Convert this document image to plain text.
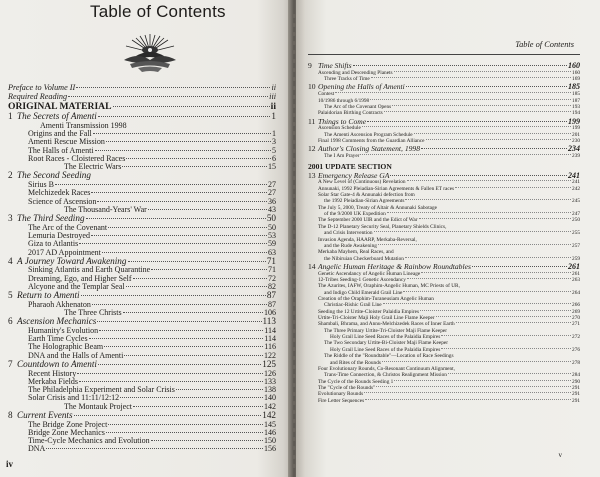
Table of Contents
Preface to Volume II	ii
Required Reading	iii
ORIGINAL MATERIAL	ii
1 The Secrets of Amenti	1
Amenti Transmission 1998
Origins and the Fall	1
Amenti Rescue Mission	3
The Halls of Amenti	5
Root Races - Cloistered Races	6
The Electric Wars	15
2 The Second Seeding
Sirius B	27
Melchizedek Races	27
Science of Ascension	36
The Thousand-Years' War	43
3 The Third Seeding	50
The Arc of the Covenant	50
Lemuria Destroyed	53
Giza to Atlantis	59
2017 AD Appointment	63
4 A Journey Toward Awakening	71
Sinking Atlantis and Earth Quarantine	71
Dreaming, Ego, and Higher Self	72
Alcyone and the Templar Seal	82
5 Return to Amenti	87
Pharaoh Akhenaton	87
The Three Christs	106
6 Ascension Mechanics	113
Humanity's Evolution	114
Earth Time Cycles	114
The Holographic Beam	116
DNA and the Halls of Amenti	122
7 Countdown to Amenti	125
Recent History	126
Merkaba Fields	133
The Philadelphia Experiment and Solar Crisis	138
Solar Crisis and 11:11/12:12	140
The Montauk Project	142
8 Current Events	142
The Bridge Zone Project	145
Bridge Zone Mechanics	146
Time-Cycle Mechanics and Evolution	150
DNA	156
iv
Table of Contents
9 Time Shifts	160
Ascending and Descending Planets	160
Three Tracks of Time	169
10 Opening the Halls of Amenti	185
Contest	185
10/1986 through 6/1998	187
The Arc of the Covenant Opens	193
Palaidorian Birthing Contracts	194
11 Things to Come	199
Ascension Schedule	199
The Amenti Ascension Program Schedule	201
Final 1998 Comments from the Guardian Alliance	230
12 Author's Closing Statement, 1998	234
The I Am Prayer	239
2001 UPDATE SECTION
13 Emergency Release GA	241
A New Level of (Continuous) Revelation	241
Annunaki, 1992 Pleiadian-Sirian Agreements & Fallen ET races	242
Solar Star Gate-4 & Annunaki defection from
the 1992 Pleiadian-Sirian Agreements	245
The July 5, 2000, Treaty of Altair & Annunaki Sabotage
of the 9/2000 UK Expedition	247
The September 2000 UIR and the Edict of War	250
The D-12 Planetary Security Seal, Planetary Shields Clinics,
and Crisis Intervention	255
Invasion Agenda, HAARP, Merkaba-Reversal,
and the Rude Awakening	257
Merkaba Mayhem, Real Races, and
the Nibiruian Checkerboard Mutation	259
14 Angelic Human Heritage & Rainbow Roundtables	261
Genetic Ascendancy of Angelic Human Lineage	261
12-Tribes Seeding-1 Genetic Ascendancy	263
The Azurites, IAFW, Oraphim-Angelic Human, MC Priests of UR,
and Indigo Child Emerald Grail Line	264
Creation of the Oraphim-Turaneusiam Angelic Human
Christiac-Rishic Grail Line	266
Seeding the 12 Urtite-Cloister Palaidia Empires	269
Urtite-Tri-Cloister Maji Holy Grail Line Flame Keeper	270
Shambali, Bhrama, and Annu-Melchizedek Races of Inner Earth	271
The Three Primary Urtite-Tri-Cloister Maji Flame Keeper
Holy Grail Line Seed Races of the Palaidia Empires	272
The Two Secondary Urtite-Bi-Cloister Maji Flame Keeper
Holy Grail Line Seed Races of the Palaidia Empires	276
The Riddle of the "Roundtable"—Location of Race Seedings
and Rites of the Rounds	278
Four Evolutionary Rounds, Co-Resonant Continuum Alignment,
Trans-Time Connection, & Christos Realignment Mission	284
The Cycle of the Rounds Seeding 1	290
The "Cycle of the Rounds"	291
Evolutionary Rounds	291
Fire Letter Sequences	291
v
